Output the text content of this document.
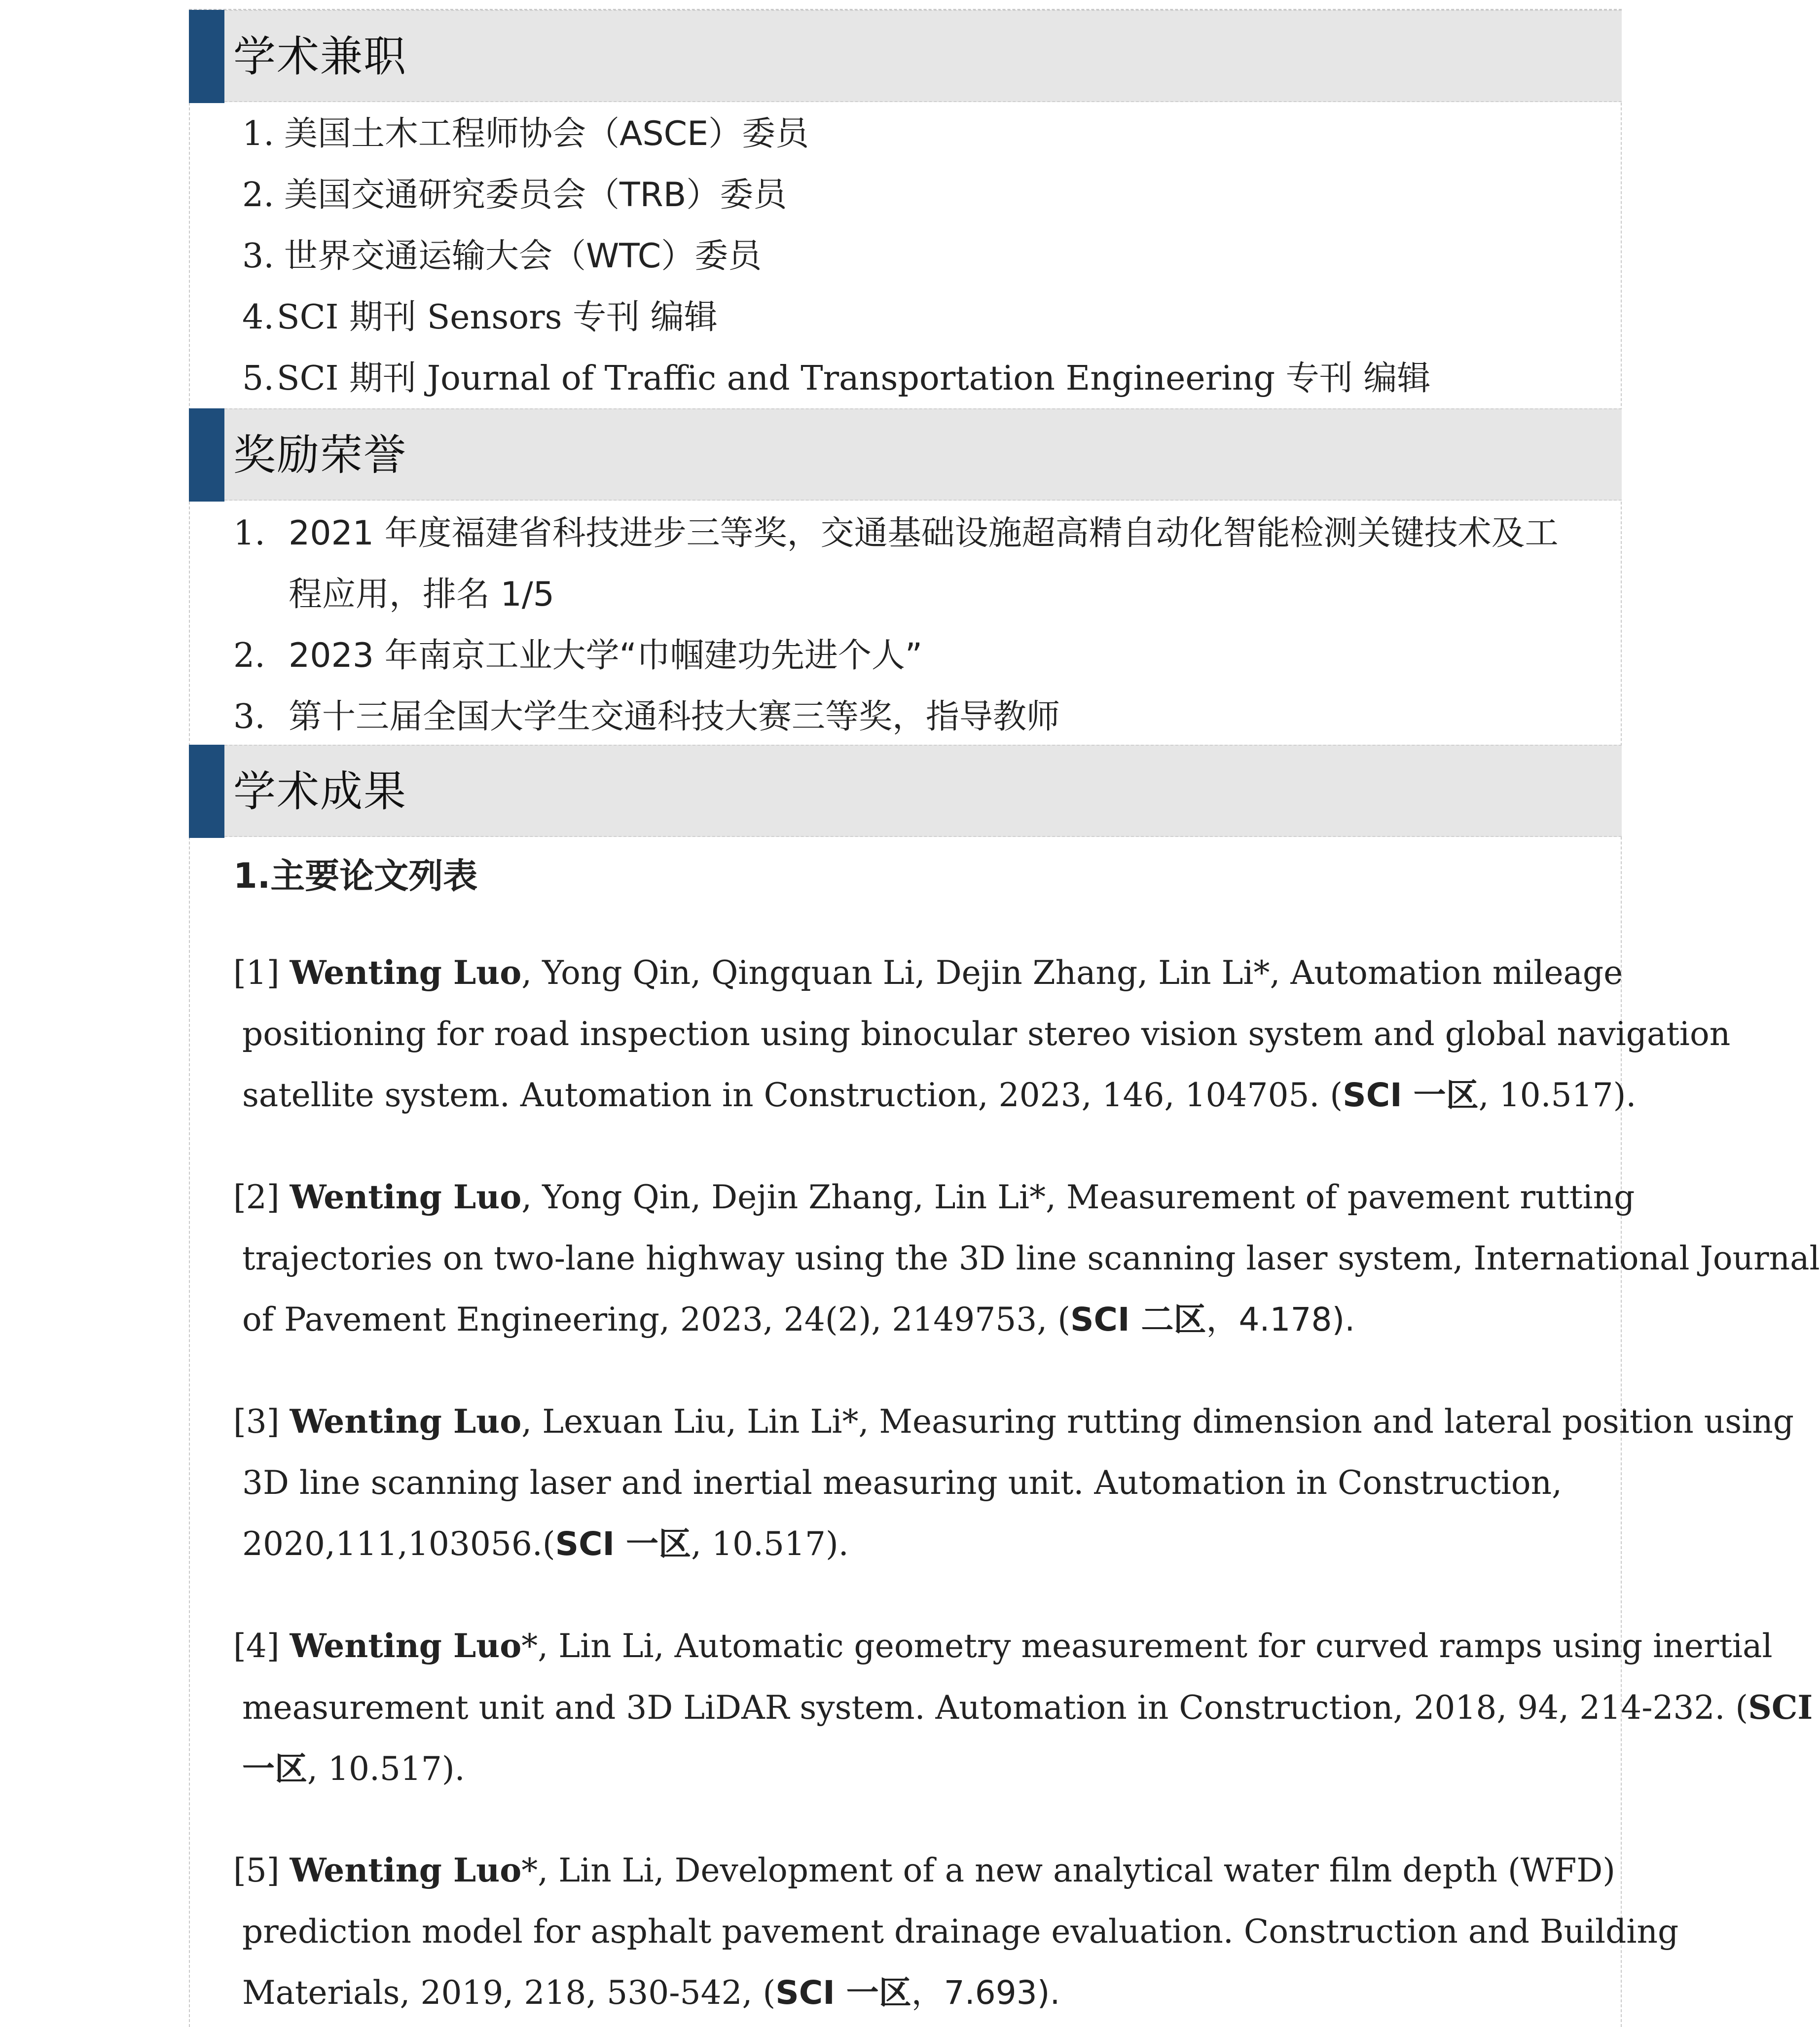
学术兼职
1. 美国土木工程师协会（ASCE）委员
2. 美国交通研究委员会（TRB）委员
3. 世界交通运输大会（WTC）委员
4.SCI 期刊 Sensors 专刊 编辑
5.SCI 期刊 Journal of Traffic and Transportation Engineering 专刊 编辑
奖励荣誉
1. 2021 年度福建省科技进步三等奖，交通基础设施超高精自动化智能检测关键技术及工
程应用，排名 1/5
2. 2023 年南京工业大学“巾帼建功先进个人”
3. 第十三届全国大学生交通科技大赛三等奖，指导教师
学术成果
1.主要论文列表
[1] Wenting Luo, Yong Qin, Qingquan Li, Dejin Zhang, Lin Li*, Automation mileage
positioning for road inspection using binocular stereo vision system and global navigation
satellite system. Automation in Construction, 2023, 146, 104705. (SCI 一区, 10.517).
[2] Wenting Luo, Yong Qin, Dejin Zhang, Lin Li*, Measurement of pavement rutting
trajectories on two-lane highway using the 3D line scanning laser system, International Journal
of Pavement Engineering, 2023, 24(2), 2149753, (SCI 二区，4.178).
[3] Wenting Luo, Lexuan Liu, Lin Li*, Measuring rutting dimension and lateral position using
3D line scanning laser and inertial measuring unit. Automation in Construction,
2020,111,103056.(SCI 一区, 10.517).
[4] Wenting Luo*, Lin Li, Automatic geometry measurement for curved ramps using inertial
measurement unit and 3D LiDAR system. Automation in Construction, 2018, 94, 214-232. (SCI
一区, 10.517).
[5] Wenting Luo*, Lin Li, Development of a new analytical water film depth (WFD)
prediction model for asphalt pavement drainage evaluation. Construction and Building
Materials, 2019, 218, 530-542, (SCI 一区，7.693).
